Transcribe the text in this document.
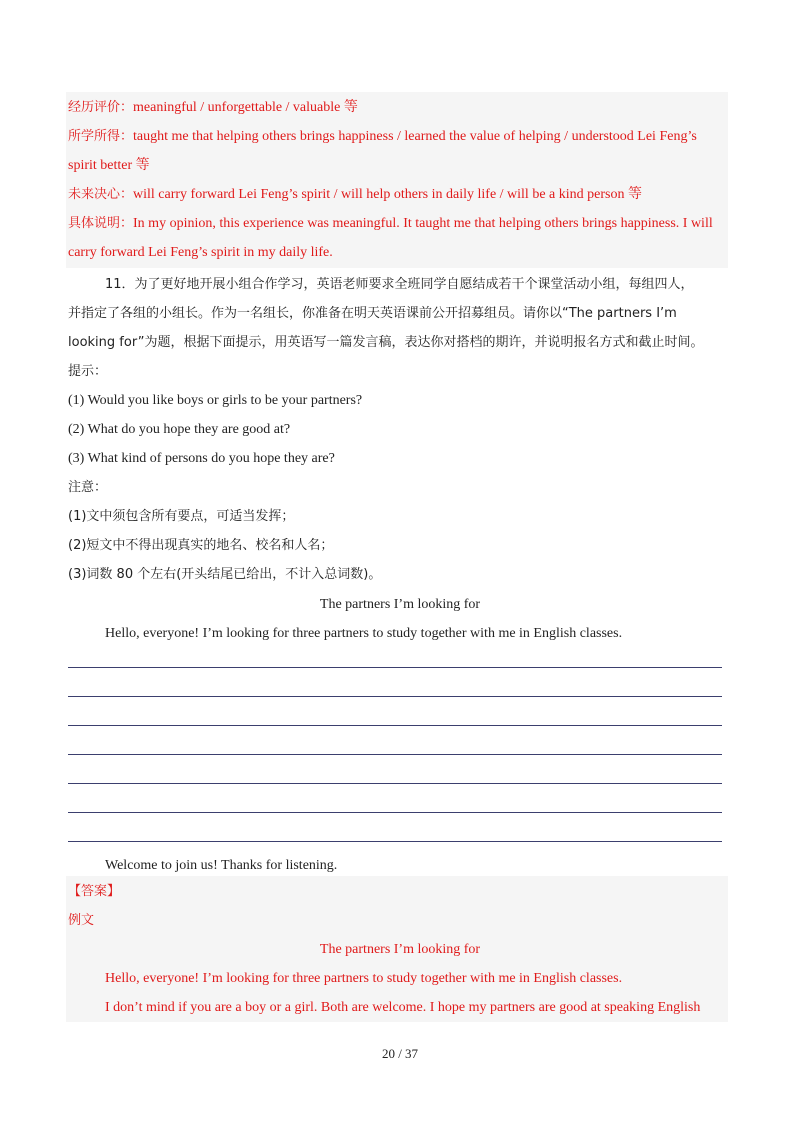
经历评价：meaningful / unforgettable / valuable 等
所学所得：taught me that helping others brings happiness / learned the value of helping / understood Lei Feng’s
spirit better 等
未来决心：will carry forward Lei Feng’s spirit / will help others in daily life / will be a kind person 等
具体说明：In my opinion, this experience was meaningful. It taught me that helping others brings happiness. I will
carry forward Lei Feng’s spirit in my daily life.
11．为了更好地开展小组合作学习，英语老师要求全班同学自愿结成若干个课堂活动小组，每组四人，
并指定了各组的小组长。作为一名组长，你准备在明天英语课前公开招募组员。请你以“The partners I’m
looking for”为题，根据下面提示，用英语写一篇发言稿，表达你对搭档的期许，并说明报名方式和截止时间。
提示：
(1) Would you like boys or girls to be your partners?
(2) What do you hope they are good at?
(3) What kind of persons do you hope they are?
注意：
(1)文中须包含所有要点，可适当发挥；
(2)短文中不得出现真实的地名、校名和人名；
(3)词数 80 个左右(开头结尾已给出，不计入总词数)。
The partners I’m looking for
Hello, everyone! I’m looking for three partners to study together with me in English classes.
Welcome to join us! Thanks for listening.
【答案】
例文
The partners I’m looking for
Hello, everyone! I’m looking for three partners to study together with me in English classes.
I don’t mind if you are a boy or a girl. Both are welcome. I hope my partners are good at speaking English
20 / 37
